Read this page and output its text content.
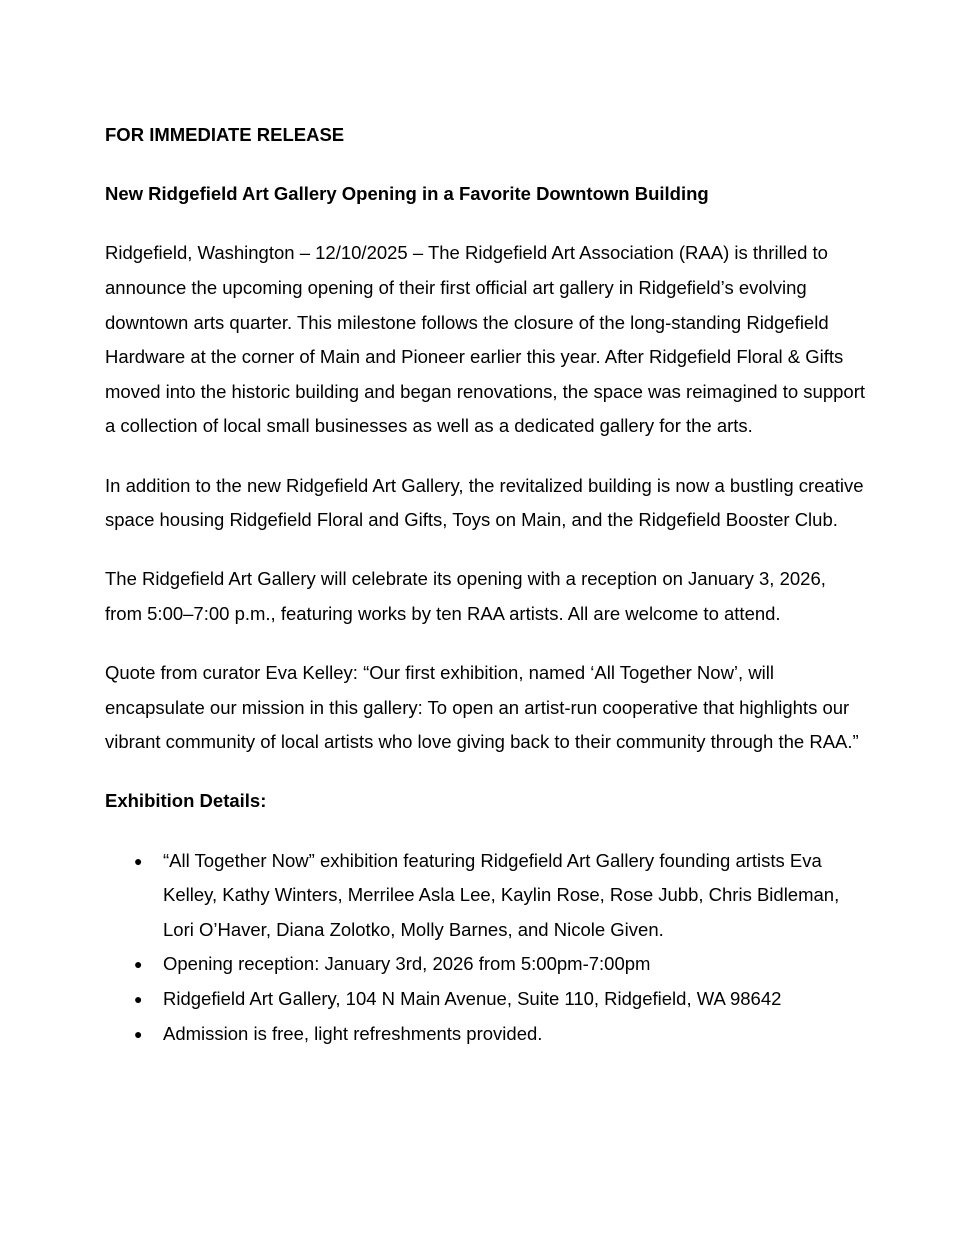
FOR IMMEDIATE RELEASE

New Ridgefield Art Gallery Opening in a Favorite Downtown Building

Ridgefield, Washington – 12/10/2025 – The Ridgefield Art Association (RAA) is thrilled to announce the upcoming opening of their first official art gallery in Ridgefield’s evolving downtown arts quarter. This milestone follows the closure of the long-standing Ridgefield Hardware at the corner of Main and Pioneer earlier this year. After Ridgefield Floral & Gifts moved into the historic building and began renovations, the space was reimagined to support a collection of local small businesses as well as a dedicated gallery for the arts.

In addition to the new Ridgefield Art Gallery, the revitalized building is now a bustling creative space housing Ridgefield Floral and Gifts, Toys on Main, and the Ridgefield Booster Club.

The Ridgefield Art Gallery will celebrate its opening with a reception on January 3, 2026, from 5:00–7:00 p.m., featuring works by ten RAA artists. All are welcome to attend.

Quote from curator Eva Kelley: “Our first exhibition, named ‘All Together Now’, will encapsulate our mission in this gallery: To open an artist-run cooperative that highlights our vibrant community of local artists who love giving back to their community through the RAA.”

Exhibition Details:

● “All Together Now” exhibition featuring Ridgefield Art Gallery founding artists Eva Kelley, Kathy Winters, Merrilee Asla Lee, Kaylin Rose, Rose Jubb, Chris Bidleman, Lori O’Haver, Diana Zolotko, Molly Barnes, and Nicole Given.
● Opening reception: January 3rd, 2026 from 5:00pm-7:00pm
● Ridgefield Art Gallery, 104 N Main Avenue, Suite 110, Ridgefield, WA 98642
● Admission is free, light refreshments provided.
